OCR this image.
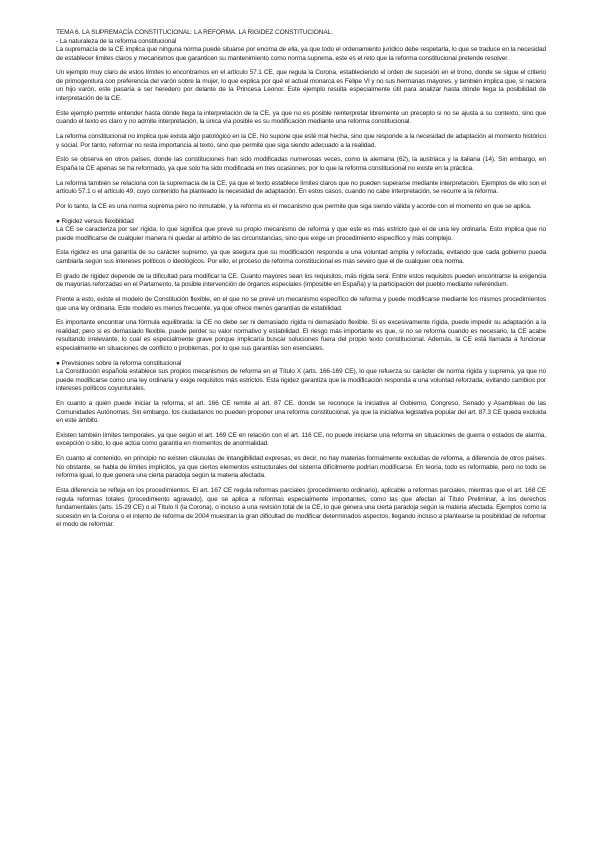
TEMA 6. LA SUPREMACÍA CONSTITUCIONAL: LA REFORMA. LA RIGIDEZ CONSTITUCIONAL.
- La naturaleza de la reforma constitucional

La supremacía de la CE implica que ninguna norma puede situarse por encima de ella, ya que todo el ordenamiento jurídico debe respetarla, lo que se traduce en la necesidad de establecer límites claros y mecanismos que garanticen su mantenimiento como norma suprema, este es el reto que la reforma constitucional pretende resolver.

Un ejemplo muy claro de estos límites lo encontramos en el artículo 57.1 CE, que regula la Corona, estableciendo el orden de sucesión en el trono, donde se sigue el criterio de primogenitura con preferencia del varón sobre la mujer, lo que explica por qué el actual monarca es Felipe VI y no sus hermanas mayores, y también implica que, si naciera un hijo varón, este pasaría a ser heredero por delante de la Princesa Leonor. Este ejemplo resulta especialmente útil para analizar hasta dónde llega la posibilidad de interpretación de la CE.

Este ejemplo permite entender hasta dónde llega la interpretación de la CE, ya que no es posible reinterpretar libremente un precepto si no se ajusta a su contexto, sino que cuando el texto es claro y no admite interpretación, la única vía posible es su modificación mediante una reforma constitucional.

La reforma constitucional no implica que exista algo patológico en la CE. No supone que esté mal hecha, sino que responde a la necesidad de adaptación al momento histórico y social. Por tanto, reformar no resta importancia al texto, sino que permite que siga siendo adecuado a la realidad.

Esto se observa en otros países, donde las constituciones han sido modificadas numerosas veces, como la alemana (62), la austriaca y la italiana (14). Sin embargo, en España la CE apenas se ha reformado, ya que solo ha sido modificada en tres ocasiones, por lo que la reforma constitucional no existe en la práctica.

La reforma también se relaciona con la supremacía de la CE, ya que el texto establece límites claros que no pueden superarse mediante interpretación. Ejemplos de ello son el artículo 57.1 o el artículo 49, cuyo contenido ha planteado la necesidad de adaptación. En estos casos, cuando no cabe interpretación, se recurre a la reforma.

Por lo tanto, la CE es una norma suprema pero no inmutable, y la reforma es el mecanismo que permite que siga siendo válida y acorde con el momento en que se aplica.

● Rigidez versus flexibilidad

La CE se caracteriza por ser rígida, lo que significa que prevé su propio mecanismo de reforma y que este es más estricto que el de una ley ordinaria. Esto implica que no puede modificarse de cualquier manera ni quedar al arbitrio de las circunstancias, sino que exige un procedimiento específico y más complejo.

Esta rigidez es una garantía de su carácter supremo, ya que asegura que su modificación responda a una voluntad amplia y reforzada, evitando que cada gobierno pueda cambiarla según sus intereses políticos o ideológicos. Por ello, el proceso de reforma constitucional es más severo que el de cualquier otra norma.

El grado de rigidez depende de la dificultad para modificar la CE. Cuanto mayores sean los requisitos, más rígida será. Entre estos requisitos pueden encontrarse la exigencia de mayorías reforzadas en el Parlamento, la posible intervención de órganos especiales (imposible en España) y la participación del pueblo mediante referéndum.

Frente a esto, existe el modelo de Constitución flexible, en el que no se prevé un mecanismo específico de reforma y puede modificarse mediante los mismos procedimientos que una ley ordinaria. Este modelo es menos frecuente, ya que ofrece menos garantías de estabilidad.

Es importante encontrar una fórmula equilibrada: la CE no debe ser ni demasiado rígida ni demasiado flexible. Si es excesivamente rígida, puede impedir su adaptación a la realidad; pero si es demasiado flexible, puede perder su valor normativo y estabilidad. El riesgo más importante es que, si no se reforma cuando es necesario, la CE acabe resultando irrelevante, lo cual es especialmente grave porque implicaría buscar soluciones fuera del propio texto constitucional. Además, la CE está llamada a funcionar especialmente en situaciones de conflicto o problemas, por lo que sus garantías son esenciales.

● Previsiones sobre la reforma constitucional

La Constitución española establece sus propios mecanismos de reforma en el Título X (arts. 166-169 CE), lo que refuerza su carácter de norma rígida y suprema, ya que no puede modificarse como una ley ordinaria y exige requisitos más estrictos. Esta rigidez garantiza que la modificación responda a una voluntad reforzada, evitando cambios por intereses políticos coyunturales.

En cuanto a quién puede iniciar la reforma, el art. 166 CE remite al art. 87 CE, donde se reconoce la iniciativa al Gobierno, Congreso, Senado y Asambleas de las Comunidades Autónomas. Sin embargo, los ciudadanos no pueden proponer una reforma constitucional, ya que la iniciativa legislativa popular del art. 87.3 CE queda excluida en este ámbito.

Existen también límites temporales, ya que según el art. 169 CE en relación con el art. 116 CE, no puede iniciarse una reforma en situaciones de guerra o estados de alarma, excepción o sitio, lo que actúa como garantía en momentos de anormalidad.

En cuanto al contenido, en principio no existen cláusulas de intangibilidad expresas, es decir, no hay materias formalmente excluidas de reforma, a diferencia de otros países. No obstante, se habla de límites implícitos, ya que ciertos elementos estructurales del sistema difícilmente podrían modificarse. En teoría, todo es reformable, pero no todo se reforma igual, lo que genera una cierta paradoja según la materia afectada.

Esta diferencia se refleja en los procedimientos. El art. 167 CE regula reformas parciales (procedimiento ordinario), aplicable a reformas parciales, mientras que el art. 168 CE regula reformas totales (procedimiento agravado), que se aplica a reformas especialmente importantes, como las que afectan al Título Preliminar, a los derechos fundamentales (arts. 15-29 CE) o al Título II (la Corona), o incluso a una revisión total de la CE, lo que genera una cierta paradoja según la materia afectada. Ejemplos como la sucesión en la Corona o el intento de reforma de 2004 muestran la gran dificultad de modificar determinados aspectos, llegando incluso a plantearse la posibilidad de reformar el modo de reformar.
